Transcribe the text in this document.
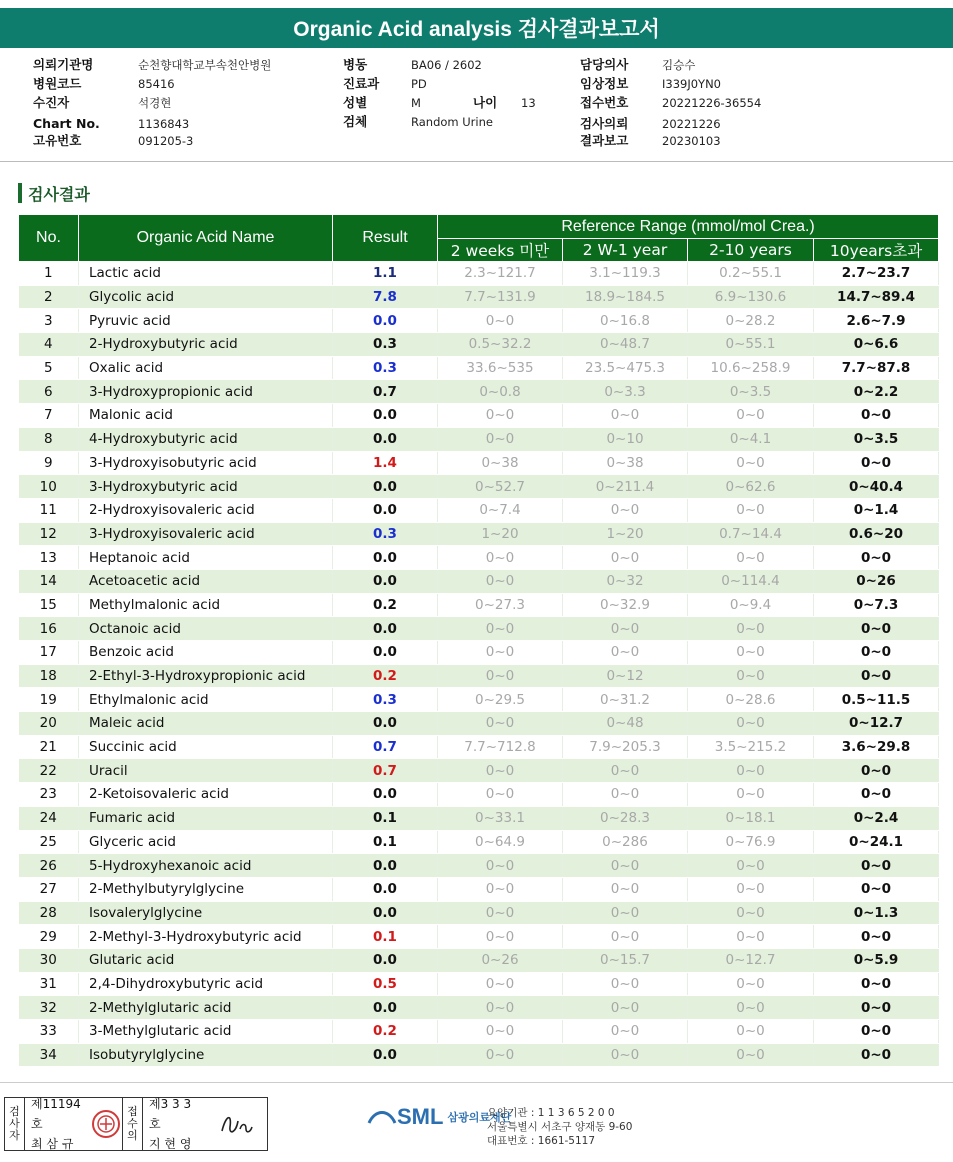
Organic Acid analysis 검사결과보고서
의뢰기관명	순천향대학교부속천안병원
병원코드	85416
수진자	석경현
Chart No.	1136843
고유번호	091205-3
병동	BA06 / 2602
진료과	PD
성별	M	나이 13
검체	Random Urine
담당의사	김승수
임상정보	I339J0YN0
접수번호	20221226-36554
검사의뢰	20221226
결과보고	20230103
검사결과
No.	Organic Acid Name	Result	Reference Range (mmol/mol Crea.)			
			2 weeks 미만	2 W-1 year	2-10 years	10years초과
1	Lactic acid	1.1	2.3~121.7	3.1~119.3	0.2~55.1	2.7~23.7
2	Glycolic acid	7.8	7.7~131.9	18.9~184.5	6.9~130.6	14.7~89.4
3	Pyruvic acid	0.0	0~0	0~16.8	0~28.2	2.6~7.9
4	2-Hydroxybutyric acid	0.3	0.5~32.2	0~48.7	0~55.1	0~6.6
5	Oxalic acid	0.3	33.6~535	23.5~475.3	10.6~258.9	7.7~87.8
6	3-Hydroxypropionic acid	0.7	0~0.8	0~3.3	0~3.5	0~2.2
7	Malonic acid	0.0	0~0	0~0	0~0	0~0
8	4-Hydroxybutyric acid	0.0	0~0	0~10	0~4.1	0~3.5
9	3-Hydroxyisobutyric acid	1.4	0~38	0~38	0~0	0~0
10	3-Hydroxybutyric acid	0.0	0~52.7	0~211.4	0~62.6	0~40.4
11	2-Hydroxyisovaleric acid	0.0	0~7.4	0~0	0~0	0~1.4
12	3-Hydroxyisovaleric acid	0.3	1~20	1~20	0.7~14.4	0.6~20
13	Heptanoic acid	0.0	0~0	0~0	0~0	0~0
14	Acetoacetic acid	0.0	0~0	0~32	0~114.4	0~26
15	Methylmalonic acid	0.2	0~27.3	0~32.9	0~9.4	0~7.3
16	Octanoic acid	0.0	0~0	0~0	0~0	0~0
17	Benzoic acid	0.0	0~0	0~0	0~0	0~0
18	2-Ethyl-3-Hydroxypropionic acid	0.2	0~0	0~12	0~0	0~0
19	Ethylmalonic acid	0.3	0~29.5	0~31.2	0~28.6	0.5~11.5
20	Maleic acid	0.0	0~0	0~48	0~0	0~12.7
21	Succinic acid	0.7	7.7~712.8	7.9~205.3	3.5~215.2	3.6~29.8
22	Uracil	0.7	0~0	0~0	0~0	0~0
23	2-Ketoisovaleric acid	0.0	0~0	0~0	0~0	0~0
24	Fumaric acid	0.1	0~33.1	0~28.3	0~18.1	0~2.4
25	Glyceric acid	0.1	0~64.9	0~286	0~76.9	0~24.1
26	5-Hydroxyhexanoic acid	0.0	0~0	0~0	0~0	0~0
27	2-Methylbutyrylglycine	0.0	0~0	0~0	0~0	0~0
28	Isovalerylglycine	0.0	0~0	0~0	0~0	0~1.3
29	2-Methyl-3-Hydroxybutyric acid	0.1	0~0	0~0	0~0	0~0
30	Glutaric acid	0.0	0~26	0~15.7	0~12.7	0~5.9
31	2,4-Dihydroxybutyric acid	0.5	0~0	0~0	0~0	0~0
32	2-Methylglutaric acid	0.0	0~0	0~0	0~0	0~0
33	3-Methylglutaric acid	0.2	0~0	0~0	0~0	0~0
34	Isobutyrylglycine	0.0	0~0	0~0	0~0	0~0
검
사
자
제11194호
최 삼 규
접
수
의
제3 3 3 호
지 현 영
SML 삼광의료재단
요양기관 : 1 1 3 6 5 2 0 0
서울특별시 서초구 양재동 9-60
대표번호 : 1661-5117
